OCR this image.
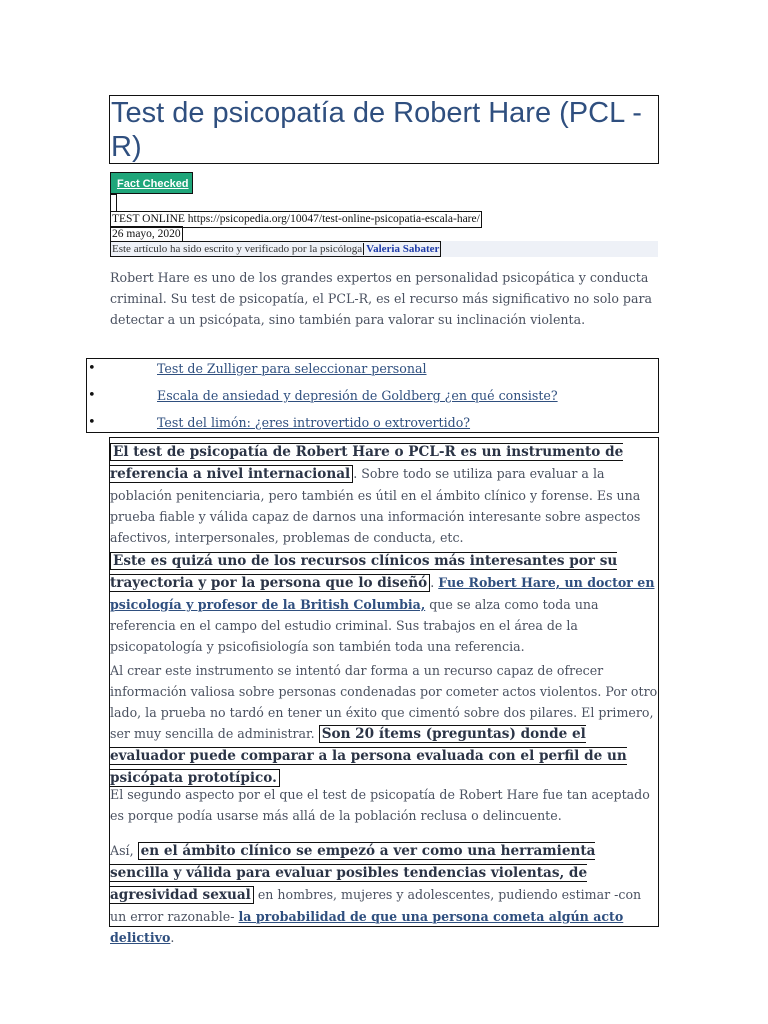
Test de psicopatía de Robert Hare (PCL - R)
Fact Checked
TEST ONLINE https://psicopedia.org/10047/test-online-psicopatia-escala-hare/
26 mayo, 2020
Este artículo ha sido escrito y verificado por la psicóloga Valeria Sabater
Robert Hare es uno de los grandes expertos en personalidad psicopática y conducta criminal. Su test de psicopatía, el PCL-R, es el recurso más significativo no solo para detectar a un psicópata, sino también para valorar su inclinación violenta.
•	Test de Zulliger para seleccionar personal
•	Escala de ansiedad y depresión de Goldberg ¿en qué consiste?
•	Test del limón: ¿eres introvertido o extrovertido?
El test de psicopatía de Robert Hare o PCL-R es un instrumento de referencia a nivel internacional . Sobre todo se utiliza para evaluar a la población penitenciaria, pero también es útil en el ámbito clínico y forense. Es una prueba fiable y válida capaz de darnos una información interesante sobre aspectos afectivos, interpersonales, problemas de conducta, etc.
Este es quizá uno de los recursos clínicos más interesantes por su trayectoria y por la persona que lo diseñó . Fue Robert Hare, un doctor en psicología y profesor de la British Columbia, que se alza como toda una referencia en el campo del estudio criminal. Sus trabajos en el área de la psicopatología y psicofisiología son también toda una referencia.
Al crear este instrumento se intentó dar forma a un recurso capaz de ofrecer información valiosa sobre personas condenadas por cometer actos violentos. Por otro lado, la prueba no tardó en tener un éxito que cimentó sobre dos pilares. El primero, ser muy sencilla de administrar. Son 20 ítems (preguntas) donde el evaluador puede comparar a la persona evaluada con el perfil de un psicópata prototípico.
El segundo aspecto por el que el test de psicopatía de Robert Hare fue tan aceptado es porque podía usarse más allá de la población reclusa o delincuente.
Así, en el ámbito clínico se empezó a ver como una herramienta sencilla y válida para evaluar posibles tendencias violentas, de agresividad sexual en hombres, mujeres y adolescentes, pudiendo estimar -con un error razonable- la probabilidad de que una persona cometa algún acto delictivo.
